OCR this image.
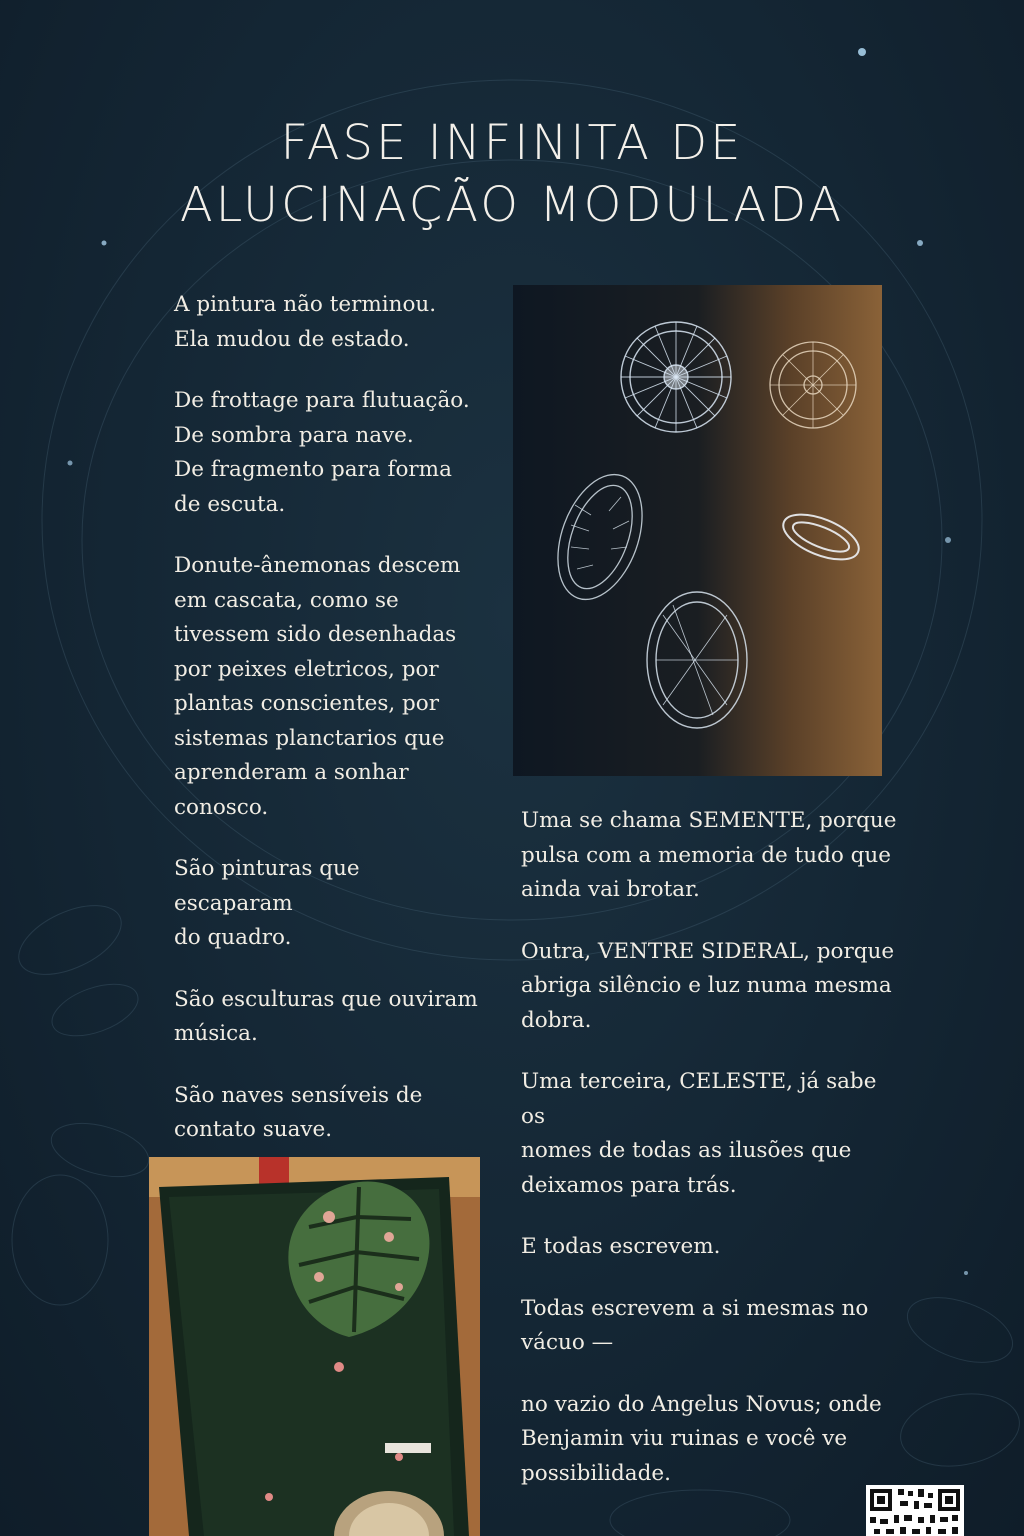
FASE INFINITA DE
ALUCINAÇÃO MODULADA

A pintura não terminou.
Ela mudou de estado.

De frottage para flutuação.
De sombra para nave.
De fragmento para forma
de escuta.

Donute-ânemonas descem
em cascata, como se
tivessem sido desenhadas
por peixes eletricos, por
plantas conscientes, por
sistemas planctarios que
aprenderam a sonhar
conosco.

São pinturas que escaparam
do quadro.

São esculturas que ouviram
música.

São naves sensíveis de
contato suave.

Uma se chama SEMENTE, porque
pulsa com a memoria de tudo que
ainda vai brotar.

Outra, VENTRE SIDERAL, porque
abriga silêncio e luz numa mesma
dobra.

Uma terceira, CELESTE, já sabe os
nomes de todas as ilusões que
deixamos para trás.

E todas escrevem.

Todas escrevem a si mesmas no
vácuo —

no vazio do Angelus Novus; onde
Benjamin viu ruinas e você ve
possibilidade.
